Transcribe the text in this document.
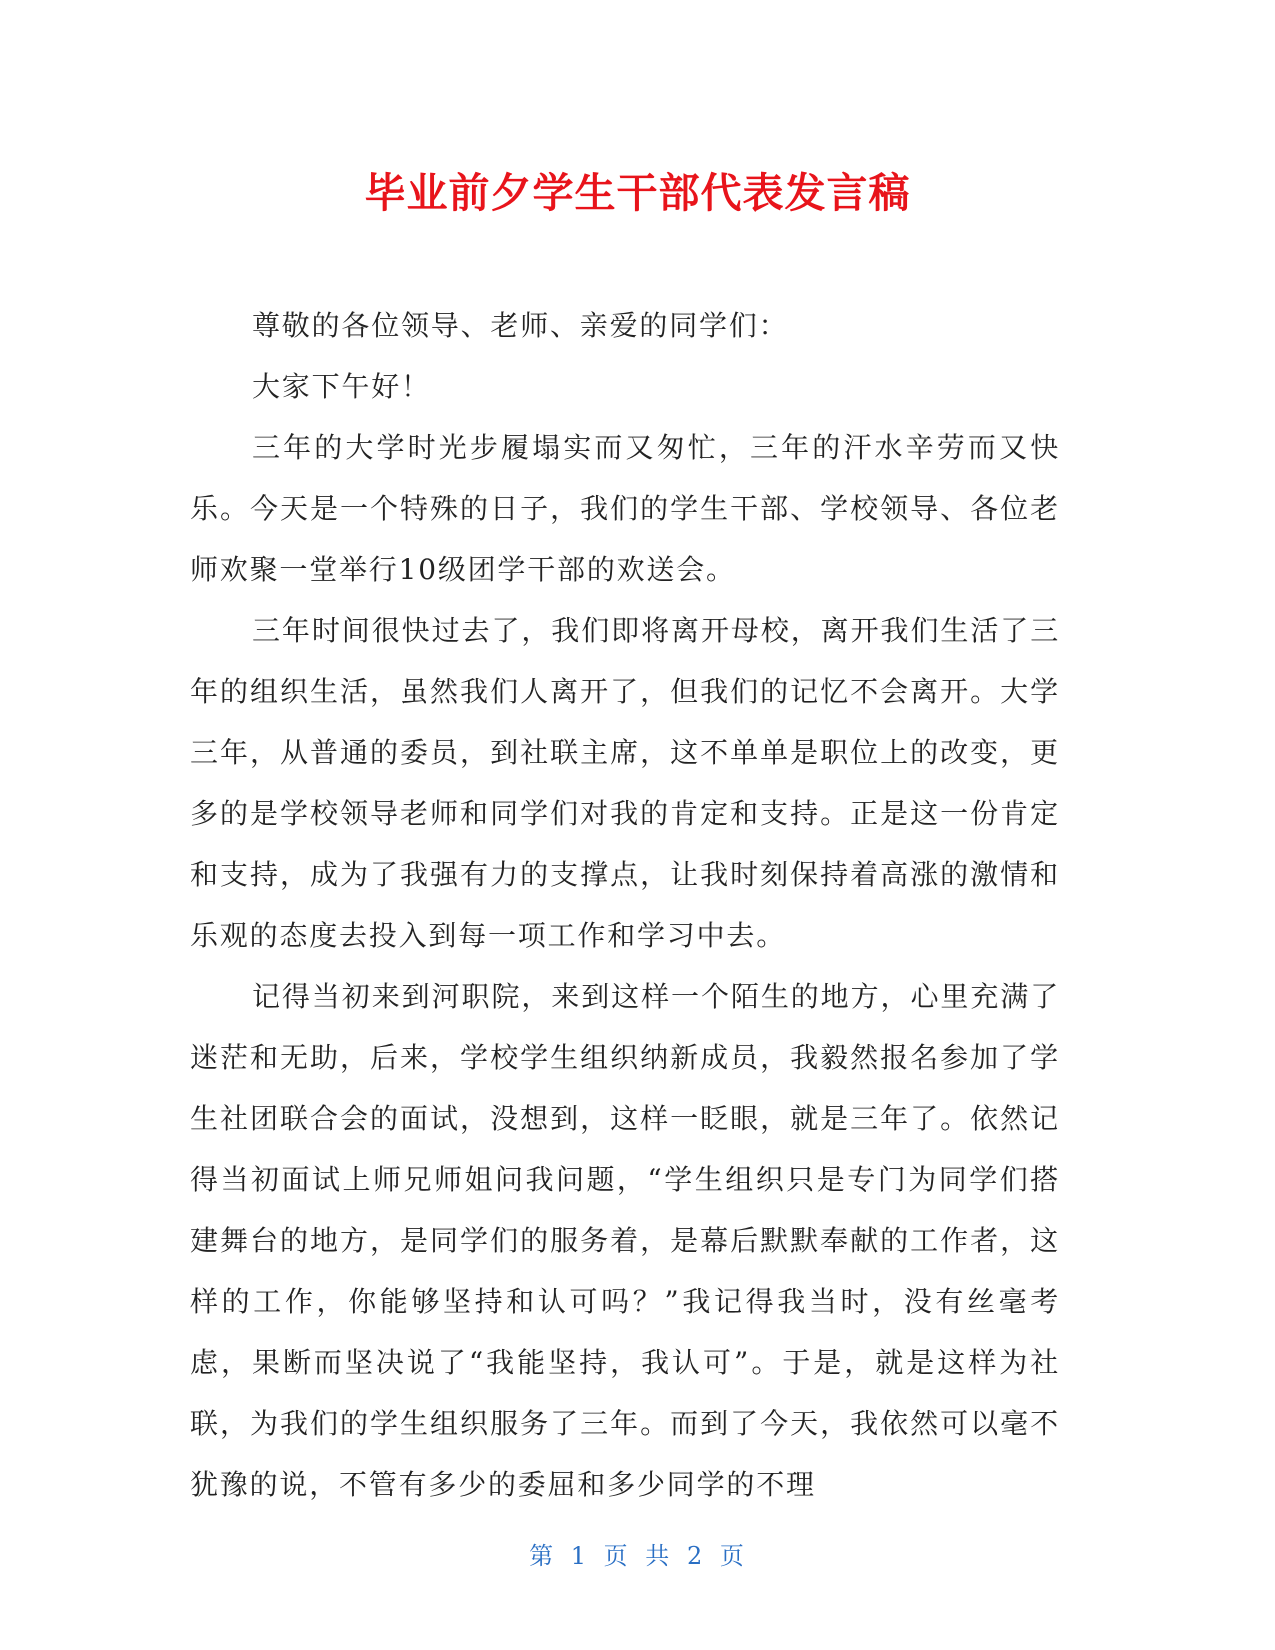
毕业前夕学生干部代表发言稿

尊敬的各位领导、老师、亲爱的同学们：

大家下午好！

三年的大学时光步履塌实而又匆忙，三年的汗水辛劳而又快乐。今天是一个特殊的日子，我们的学生干部、学校领导、各位老师欢聚一堂举行10级团学干部的欢送会。

三年时间很快过去了，我们即将离开母校，离开我们生活了三年的组织生活，虽然我们人离开了，但我们的记忆不会离开。大学三年，从普通的委员，到社联主席，这不单单是职位上的改变，更多的是学校领导老师和同学们对我的肯定和支持。正是这一份肯定和支持，成为了我强有力的支撑点，让我时刻保持着高涨的激情和乐观的态度去投入到每一项工作和学习中去。

记得当初来到河职院，来到这样一个陌生的地方，心里充满了迷茫和无助，后来，学校学生组织纳新成员，我毅然报名参加了学生社团联合会的面试，没想到，这样一眨眼，就是三年了。依然记得当初面试上师兄师姐问我问题，“学生组织只是专门为同学们搭建舞台的地方，是同学们的服务着，是幕后默默奉献的工作者，这样的工作，你能够坚持和认可吗？”我记得我当时，没有丝毫考虑，果断而坚决说了“我能坚持，我认可”。于是，就是这样为社联，为我们的学生组织服务了三年。而到了今天，我依然可以毫不犹豫的说，不管有多少的委屈和多少同学的不理

第 1 页 共 2 页
